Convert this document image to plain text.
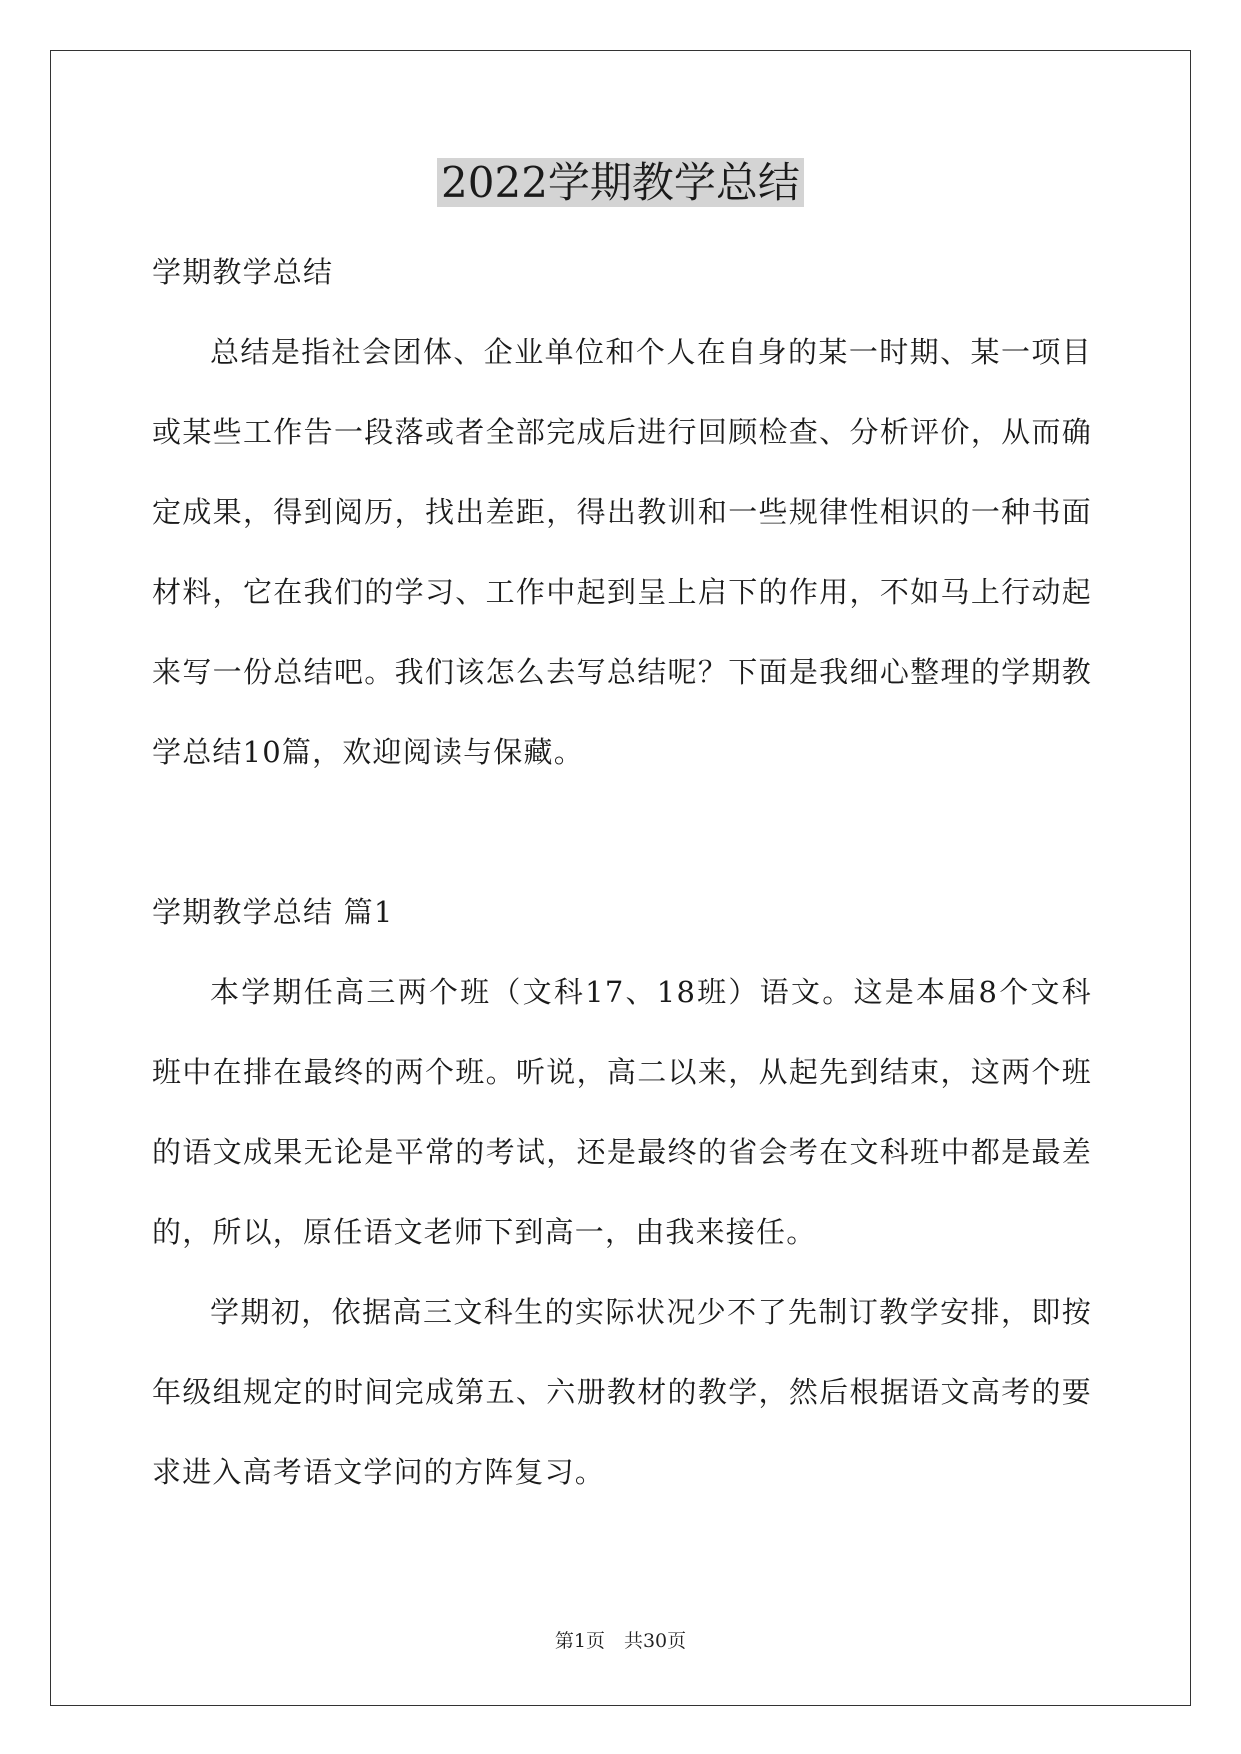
2022学期教学总结

学期教学总结

总结是指社会团体、企业单位和个人在自身的某一时期、某一项目或某些工作告一段落或者全部完成后进行回顾检查、分析评价，从而确定成果，得到阅历，找出差距，得出教训和一些规律性相识的一种书面材料，它在我们的学习、工作中起到呈上启下的作用，不如马上行动起来写一份总结吧。我们该怎么去写总结呢？下面是我细心整理的学期教学总结10篇，欢迎阅读与保藏。

学期教学总结 篇1

本学期任高三两个班（文科17、18班）语文。这是本届8个文科班中在排在最终的两个班。听说，高二以来，从起先到结束，这两个班的语文成果无论是平常的考试，还是最终的省会考在文科班中都是最差的，所以，原任语文老师下到高一，由我来接任。

学期初，依据高三文科生的实际状况少不了先制订教学安排，即按年级组规定的时间完成第五、六册教材的教学，然后根据语文高考的要求进入高考语文学问的方阵复习。

第1页　共30页
